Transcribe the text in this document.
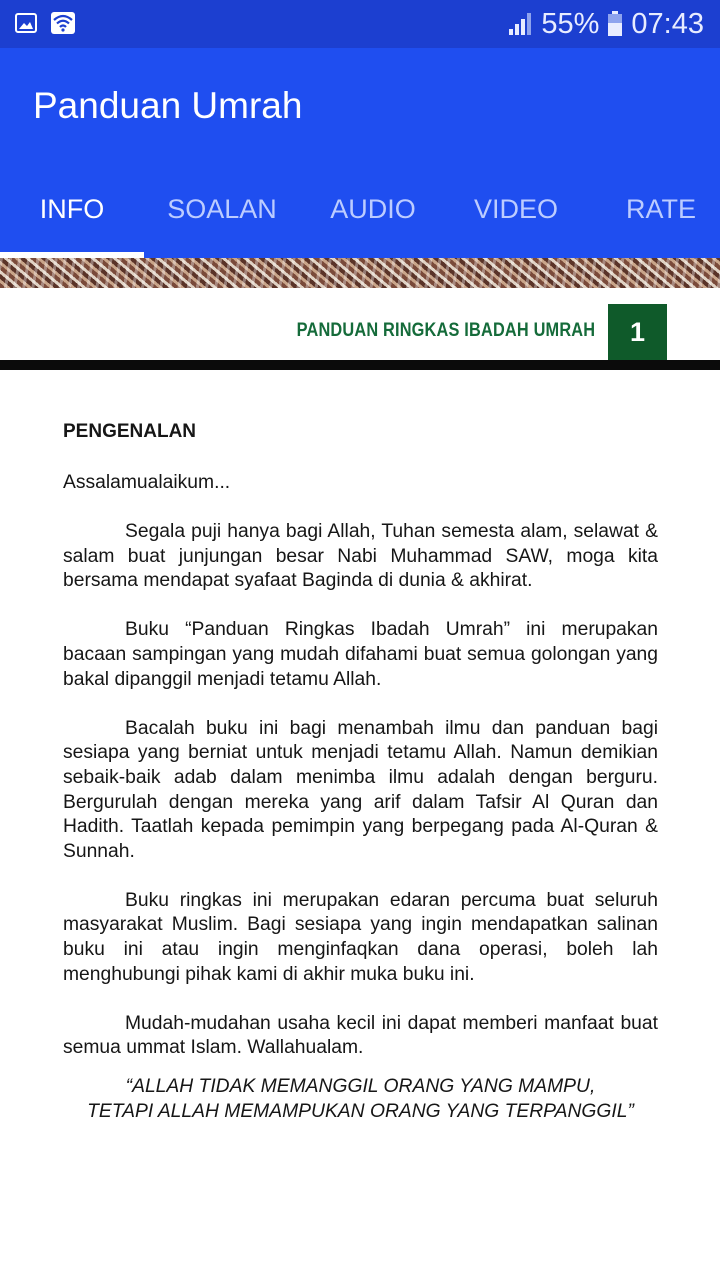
55% 07:43
Panduan Umrah
INFO	SOALAN	AUDIO	VIDEO	RATE
PANDUAN RINGKAS IBADAH UMRAH	1

PENGENALAN

Assalamualaikum...

Segala puji hanya bagi Allah, Tuhan semesta alam, selawat & salam buat junjungan besar Nabi Muhammad SAW, moga kita bersama mendapat syafaat Baginda di dunia & akhirat.

Buku “Panduan Ringkas Ibadah Umrah” ini merupakan bacaan sampingan yang mudah difahami buat semua golongan yang bakal dipanggil menjadi tetamu Allah.

Bacalah buku ini bagi menambah ilmu dan panduan bagi sesiapa yang berniat untuk menjadi tetamu Allah. Namun demikian sebaik-baik adab dalam menimba ilmu adalah dengan berguru. Bergurulah dengan mereka yang arif dalam Tafsir Al Quran dan Hadith. Taatlah kepada pemimpin yang berpegang pada Al-Quran & Sunnah.

Buku ringkas ini merupakan edaran percuma buat seluruh masyarakat Muslim. Bagi sesiapa yang ingin mendapatkan salinan buku ini atau ingin menginfaqkan dana operasi, boleh lah menghubungi pihak kami di akhir muka buku ini.

Mudah-mudahan usaha kecil ini dapat memberi manfaat buat semua ummat Islam. Wallahualam.

“ALLAH TIDAK MEMANGGIL ORANG YANG MAMPU,
TETAPI ALLAH MEMAMPUKAN ORANG YANG TERPANGGIL”
